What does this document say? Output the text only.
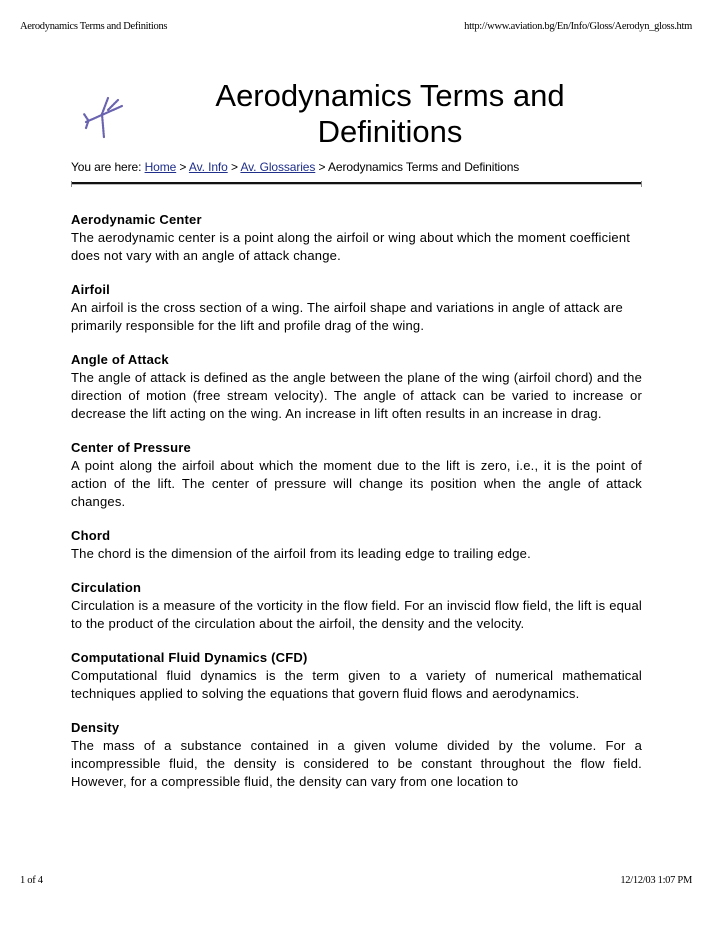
Aerodynamics Terms and Definitions	http://www.aviation.bg/En/Info/Gloss/Aerodyn_gloss.htm
Aerodynamics Terms and Definitions
You are here: Home > Av. Info > Av. Glossaries > Aerodynamics Terms and Definitions
Aerodynamic Center
The aerodynamic center is a point along the airfoil or wing about which the moment coefficient does not vary with an angle of attack change.
Airfoil
An airfoil is the cross section of a wing. The airfoil shape and variations in angle of attack are primarily responsible for the lift and profile drag of the wing.
Angle of Attack
The angle of attack is defined as the angle between the plane of the wing (airfoil chord) and the direction of motion (free stream velocity). The angle of attack can be varied to increase or decrease the lift acting on the wing. An increase in lift often results in an increase in drag.
Center of Pressure
A point along the airfoil about which the moment due to the lift is zero, i.e., it is the point of action of the lift. The center of pressure will change its position when the angle of attack changes.
Chord
The chord is the dimension of the airfoil from its leading edge to trailing edge.
Circulation
Circulation is a measure of the vorticity in the flow field. For an inviscid flow field, the lift is equal to the product of the circulation about the airfoil, the density and the velocity.
Computational Fluid Dynamics (CFD)
Computational fluid dynamics is the term given to a variety of numerical mathematical techniques applied to solving the equations that govern fluid flows and aerodynamics.
Density
The mass of a substance contained in a given volume divided by the volume. For a incompressible fluid, the density is considered to be constant throughout the flow field. However, for a compressible fluid, the density can vary from one location to
1 of 4	12/12/03 1:07 PM
